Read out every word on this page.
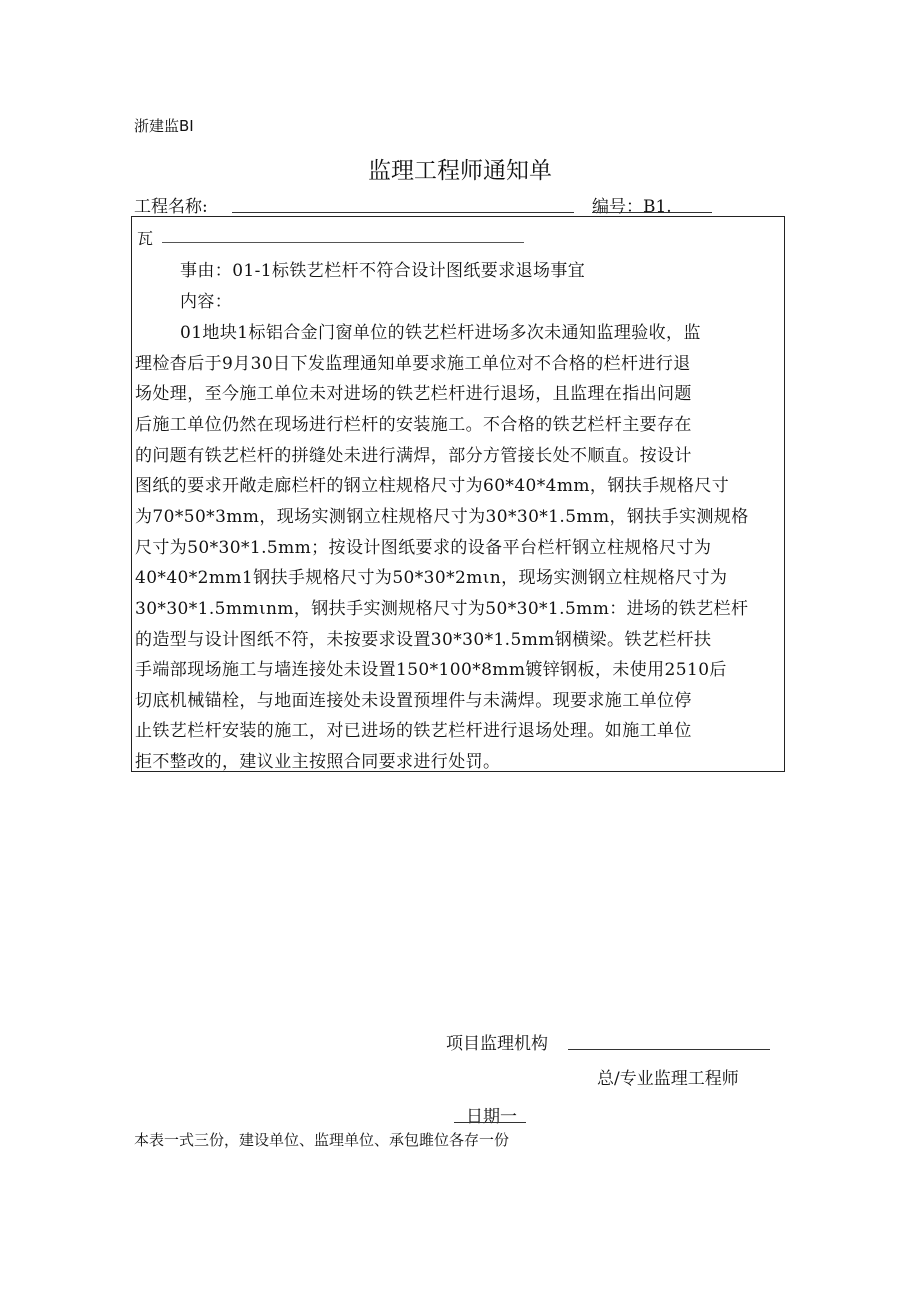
浙建监BI
监理工程师通知单
工程名称:	编号：B1.
瓦
事由：01-1标铁艺栏杆不符合设计图纸要求退场事宜
内容：
01地块1标铝合金门窗单位的铁艺栏杆进场多次未通知监理验收，监
理检杳后于9月30日下发监理通知单要求施工单位对不合格的栏杆进行退
场处理，至今施工单位未对进场的铁艺栏杆进行退场，且监理在指出问题
后施工单位仍然在现场进行栏杆的安装施工。不合格的铁艺栏杆主要存在
的问题有铁艺栏杆的拼缝处未进行满焊，部分方管接长处不顺直。按设计
图纸的要求开敞走廊栏杆的钢立柱规格尺寸为60*40*4mm，钢扶手规格尺寸
为70*50*3mm，现场实测钢立柱规格尺寸为30*30*1.5mm，钢扶手实测规格
尺寸为50*30*1.5mm；按设计图纸要求的设备平台栏杆钢立柱规格尺寸为
40*40*2mm1钢扶手规格尺寸为50*30*2mιn，现场实测钢立柱规格尺寸为
30*30*1.5mmιnm，钢扶手实测规格尺寸为50*30*1.5mm：进场的铁艺栏杆
的造型与设计图纸不符，未按要求设置30*30*1.5mm钢横梁。铁艺栏杆扶
手端部现场施工与墙连接处未设置150*100*8mm镀锌钢板，未使用2510后
切底机械锚栓，与地面连接处未设置预埋件与未满焊。现要求施工单位停
止铁艺栏杆安装的施工，对已进场的铁艺栏杆进行退场处理。如施工单位
拒不整改的，建议业主按照合同要求进行处罚。
项目监理机构
总/专业监理工程师
日期一
本表一式三份，建设单位、监理单位、承包雎位各存一份
